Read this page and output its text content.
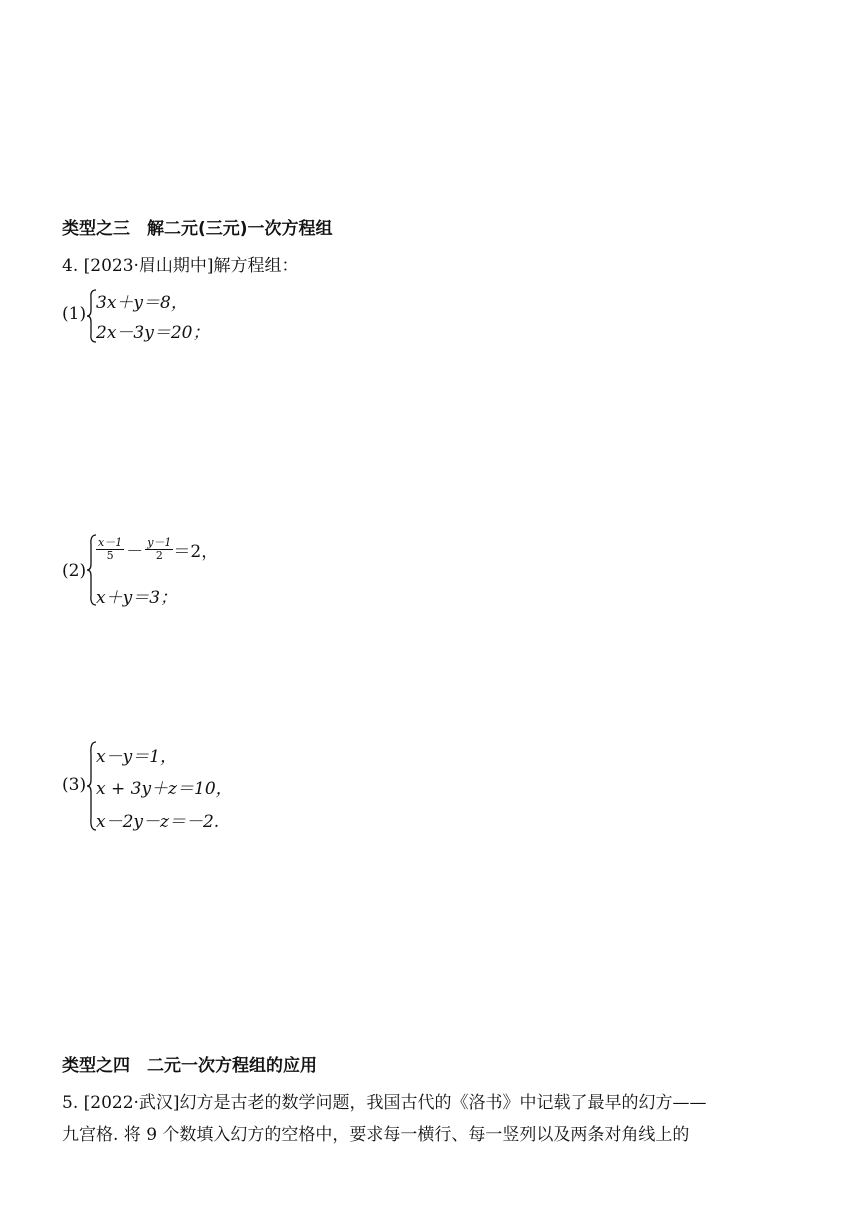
类型之三　解二元(三元)一次方程组
4. [2023·眉山期中]解方程组：
(1)
3x＋y＝8，
2x－3y＝20；
(2)
$\frac{x-1}{5} - \frac{y-1}{2} =2$，
x＋y＝3；
(3)
x－y＝1，
x + 3y＋z＝10，
x－2y－z＝－2.
类型之四　二元一次方程组的应用
5. [2022·武汉]幻方是古老的数学问题，我国古代的《洛书》中记载了最早的幻方——
九宫格. 将 9 个数填入幻方的空格中，要求每一横行、每一竖列以及两条对角线上的
